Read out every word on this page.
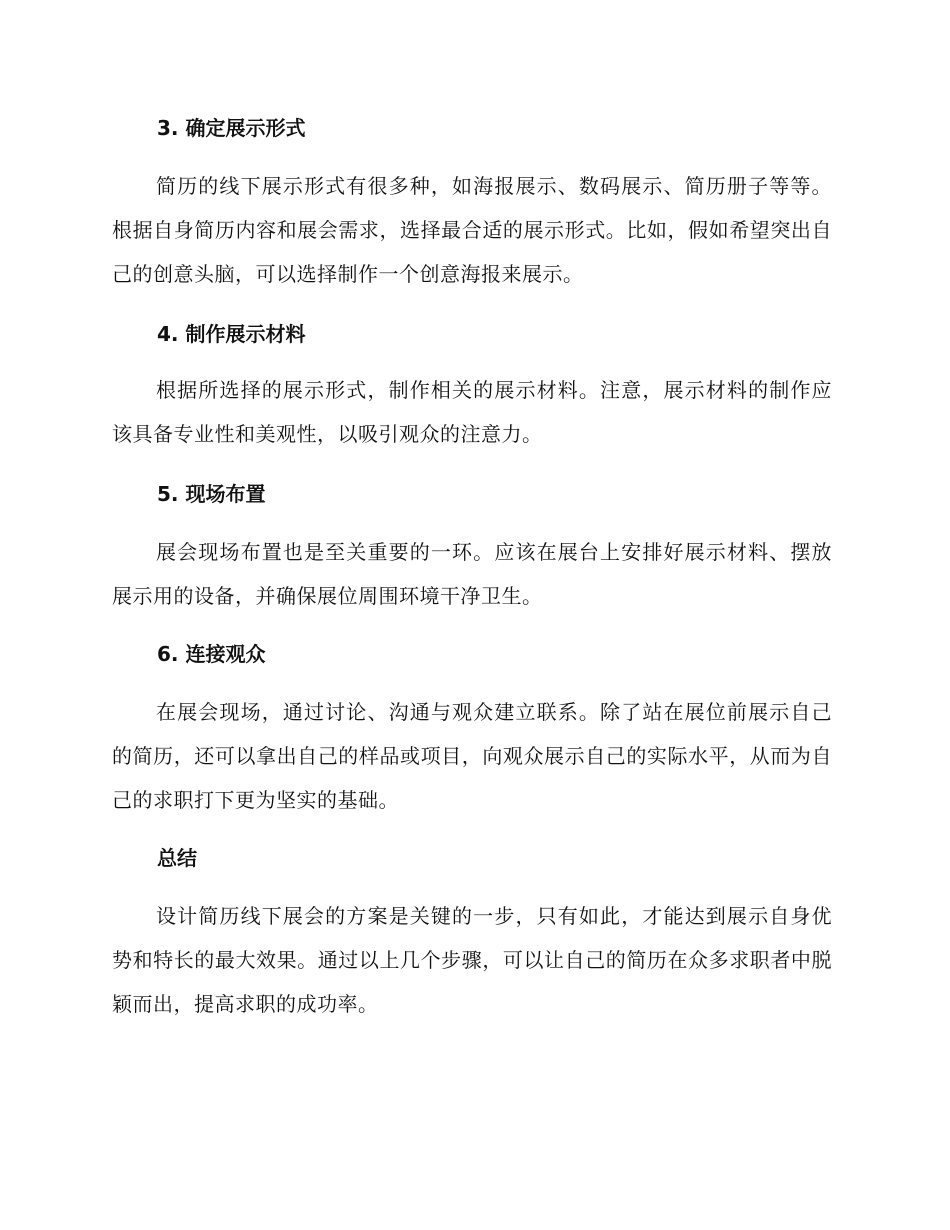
3. 确定展示形式

简历的线下展示形式有很多种，如海报展示、数码展示、简历册子等等。根据自身简历内容和展会需求，选择最合适的展示形式。比如，假如希望突出自己的创意头脑，可以选择制作一个创意海报来展示。

4. 制作展示材料

根据所选择的展示形式，制作相关的展示材料。注意，展示材料的制作应该具备专业性和美观性，以吸引观众的注意力。

5. 现场布置

展会现场布置也是至关重要的一环。应该在展台上安排好展示材料、摆放展示用的设备，并确保展位周围环境干净卫生。

6. 连接观众

在展会现场，通过讨论、沟通与观众建立联系。除了站在展位前展示自己的简历，还可以拿出自己的样品或项目，向观众展示自己的实际水平，从而为自己的求职打下更为坚实的基础。

总结

设计简历线下展会的方案是关键的一步，只有如此，才能达到展示自身优势和特长的最大效果。通过以上几个步骤，可以让自己的简历在众多求职者中脱颖而出，提高求职的成功率。
